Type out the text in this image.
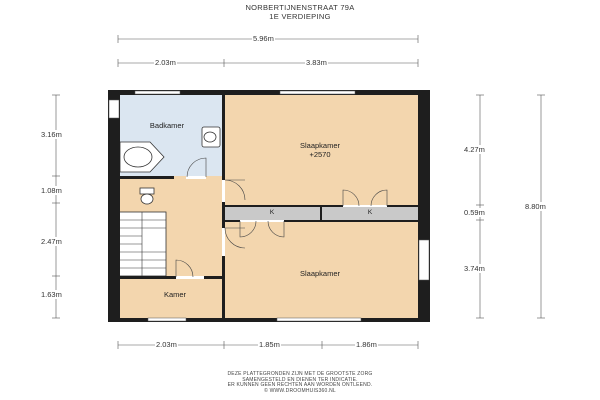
NORBERTIJNENSTRAAT 79A
1E VERDIEPING
5.96m
2.03m	3.83m
2.03m	1.85m	1.86m
3.16m
1.08m
2.47m
1.63m
4.27m
0.59m
3.74m
8.80m
Badkamer
Slaapkamer
+2570
Slaapkamer
Kamer
K	K
DEZE PLATTEGRONDEN ZIJN MET DE GROOTSTE ZORG
SAMENGESTELD EN DIENEN TER INDICATIE.
ER KUNNEN GEEN RECHTEN AAN WORDEN ONTLEEND.
© WWW.DROOMHUIS360.NL
